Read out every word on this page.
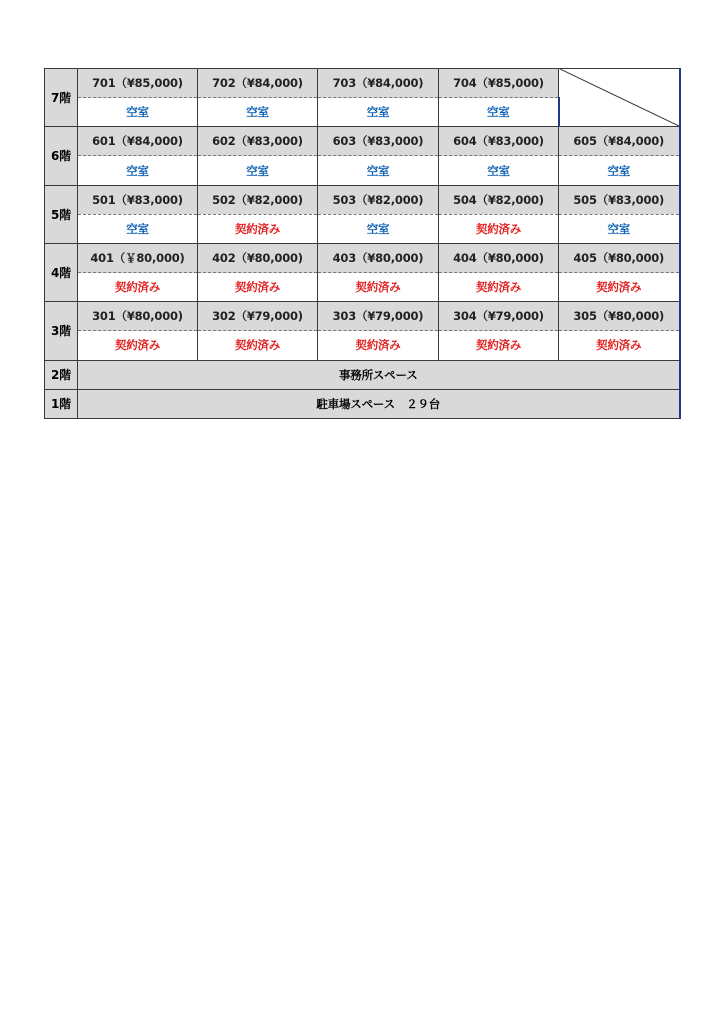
7階	701（¥85,000)	702（¥84,000)	703（¥84,000)	704（¥85,000)	

	空室	空室	空室	空室	
6階	601（¥84,000)	602（¥83,000)	603（¥83,000)	604（¥83,000)	605（¥84,000)
	空室	空室	空室	空室	空室
5階	501（¥83,000)	502（¥82,000)	503（¥82,000)	504（¥82,000)	505（¥83,000)
	空室	契約済み	空室	契約済み	空室
4階	401（￥80,000)	402（¥80,000)	403（¥80,000)	404（¥80,000)	405（¥80,000)
	契約済み	契約済み	契約済み	契約済み	契約済み
3階	301（¥80,000)	302（¥79,000)	303（¥79,000)	304（¥79,000)	305（¥80,000)
	契約済み	契約済み	契約済み	契約済み	契約済み
2階	事務所スペース				
1階	駐車場スペース　２９台				
